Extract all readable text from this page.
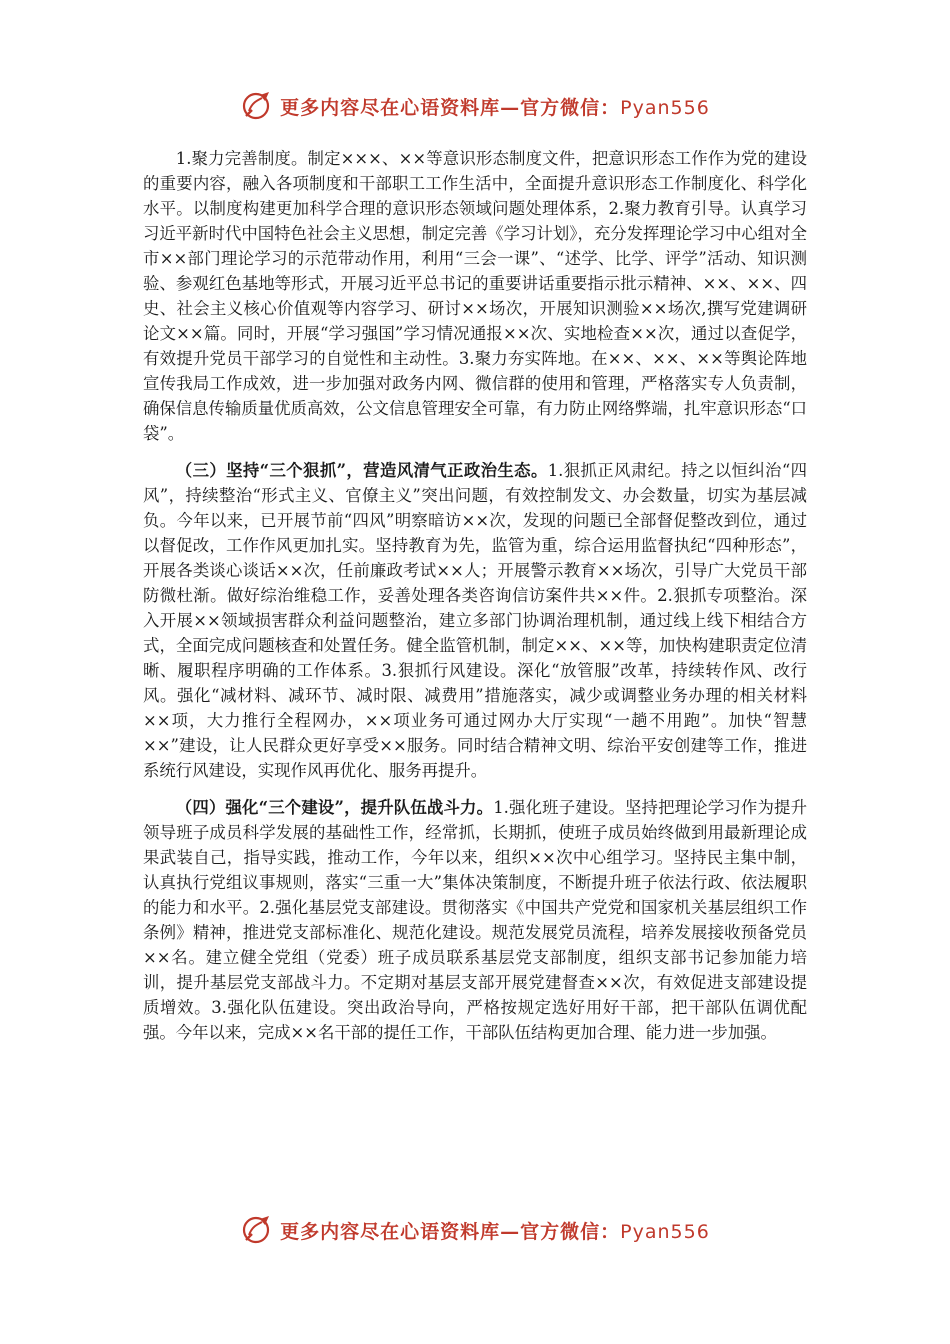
更多内容尽在心语资料库—官方微信：Pyan556

1.聚力完善制度。制定×××、××等意识形态制度文件，把意识形态工作作为党的建设的重要内容，融入各项制度和干部职工工作生活中，全面提升意识形态工作制度化、科学化水平。以制度构建更加科学合理的意识形态领域问题处理体系，2.聚力教育引导。认真学习习近平新时代中国特色社会主义思想，制定完善《学习计划》，充分发挥理论学习中心组对全市××部门理论学习的示范带动作用，利用“三会一课”、“述学、比学、评学”活动、知识测验、参观红色基地等形式，开展习近平总书记的重要讲话重要指示批示精神、××、××、四史、社会主义核心价值观等内容学习、研讨××场次，开展知识测验××场次,撰写党建调研论文××篇。同时，开展“学习强国”学习情况通报××次、实地检查××次，通过以查促学，有效提升党员干部学习的自觉性和主动性。3.聚力夯实阵地。在××、××、××等舆论阵地宣传我局工作成效，进一步加强对政务内网、微信群的使用和管理，严格落实专人负责制，确保信息传输质量优质高效，公文信息管理安全可靠，有力防止网络弊端，扎牢意识形态“口袋”。

（三）坚持“三个狠抓”，营造风清气正政治生态。1.狠抓正风肃纪。持之以恒纠治“四风”，持续整治“形式主义、官僚主义”突出问题，有效控制发文、办会数量，切实为基层减负。今年以来，已开展节前“四风”明察暗访××次，发现的问题已全部督促整改到位，通过以督促改，工作作风更加扎实。坚持教育为先，监管为重，综合运用监督执纪“四种形态”，开展各类谈心谈话××次，任前廉政考试××人；开展警示教育××场次，引导广大党员干部防微杜渐。做好综治维稳工作，妥善处理各类咨询信访案件共××件。2.狠抓专项整治。深入开展××领域损害群众利益问题整治，建立多部门协调治理机制，通过线上线下相结合方式，全面完成问题核查和处置任务。健全监管机制，制定××、××等，加快构建职责定位清晰、履职程序明确的工作体系。3.狠抓行风建设。深化“放管服”改革，持续转作风、改行风。强化“减材料、减环节、减时限、减费用”措施落实，减少或调整业务办理的相关材料××项，大力推行全程网办，××项业务可通过网办大厅实现“一趟不用跑”。加快“智慧××”建设，让人民群众更好享受××服务。同时结合精神文明、综治平安创建等工作，推进系统行风建设，实现作风再优化、服务再提升。

（四）强化“三个建设”，提升队伍战斗力。1.强化班子建设。坚持把理论学习作为提升领导班子成员科学发展的基础性工作，经常抓，长期抓，使班子成员始终做到用最新理论成果武装自己，指导实践，推动工作，今年以来，组织××次中心组学习。坚持民主集中制，认真执行党组议事规则，落实“三重一大”集体决策制度，不断提升班子依法行政、依法履职的能力和水平。2.强化基层党支部建设。贯彻落实《中国共产党党和国家机关基层组织工作条例》精神，推进党支部标准化、规范化建设。规范发展党员流程，培养发展接收预备党员××名。建立健全党组（党委）班子成员联系基层党支部制度，组织支部书记参加能力培训，提升基层党支部战斗力。不定期对基层支部开展党建督查××次，有效促进支部建设提质增效。3.强化队伍建设。突出政治导向，严格按规定选好用好干部，把干部队伍调优配强。今年以来，完成××名干部的提任工作，干部队伍结构更加合理、能力进一步加强。

更多内容尽在心语资料库—官方微信：Pyan556
